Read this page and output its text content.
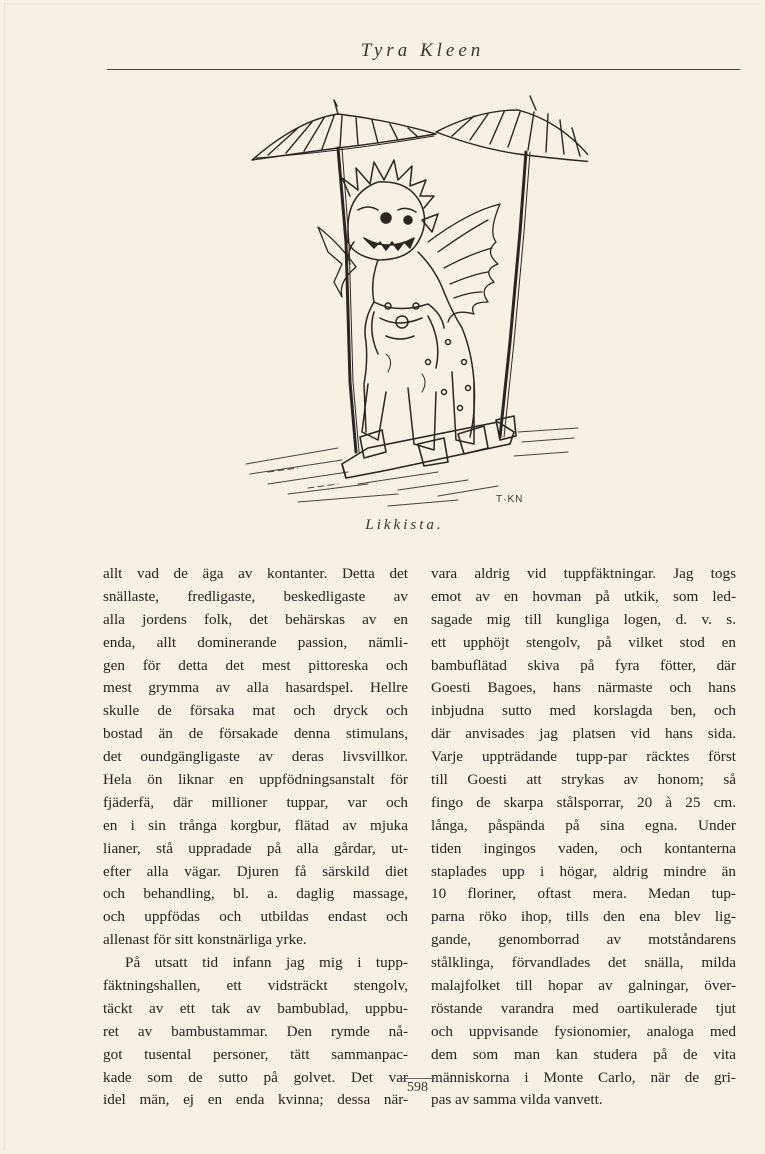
Tyra Kleen
T·KN
Likkista.
allt vad de äga av kontanter. Detta det
snällaste, fredligaste, beskedligaste av
alla jordens folk, det behärskas av en
enda, allt dominerande passion, nämli-
gen för detta det mest pittoreska och
mest grymma av alla hasardspel. Hellre
skulle de försaka mat och dryck och
bostad än de försakade denna stimulans,
det oundgängligaste av deras livsvillkor.
Hela ön liknar en uppfödningsanstalt för
fjäderfä, där millioner tuppar, var och
en i sin trånga korgbur, flätad av mjuka
lianer, stå uppradade på alla gårdar, ut-
efter alla vägar. Djuren få särskild diet
och behandling, bl. a. daglig massage,
och uppfödas och utbildas endast och
allenast för sitt konstnärliga yrke.
På utsatt tid infann jag mig i tupp-
fäktningshallen, ett vidsträckt stengolv,
täckt av ett tak av bambublad, uppbu-
ret av bambustammar. Den rymde nå-
got tusental personer, tätt sammanpac-
kade som de sutto på golvet. Det var
idel män, ej en enda kvinna; dessa när-
vara aldrig vid tuppfäktningar. Jag togs
emot av en hovman på utkik, som led-
sagade mig till kungliga logen, d. v. s.
ett upphöjt stengolv, på vilket stod en
bambuflätad skiva på fyra fötter, där
Goesti Bagoes, hans närmaste och hans
inbjudna sutto med korslagda ben, och
där anvisades jag platsen vid hans sida.
Varje uppträdande tupp-par räcktes först
till Goesti att strykas av honom; så
fingo de skarpa stålsporrar, 20 à 25 cm.
långa, påspända på sina egna. Under
tiden ingingos vaden, och kontanterna
staplades upp i högar, aldrig mindre än
10 floriner, oftast mera. Medan tup-
parna röko ihop, tills den ena blev lig-
gande, genomborrad av motståndarens
stålklinga, förvandlades det snälla, milda
malajfolket till hopar av galningar, över-
röstande varandra med oartikulerade tjut
och uppvisande fysionomier, analoga med
dem som man kan studera på de vita
människorna i Monte Carlo, när de gri-
pas av samma vilda vanvett.
598
